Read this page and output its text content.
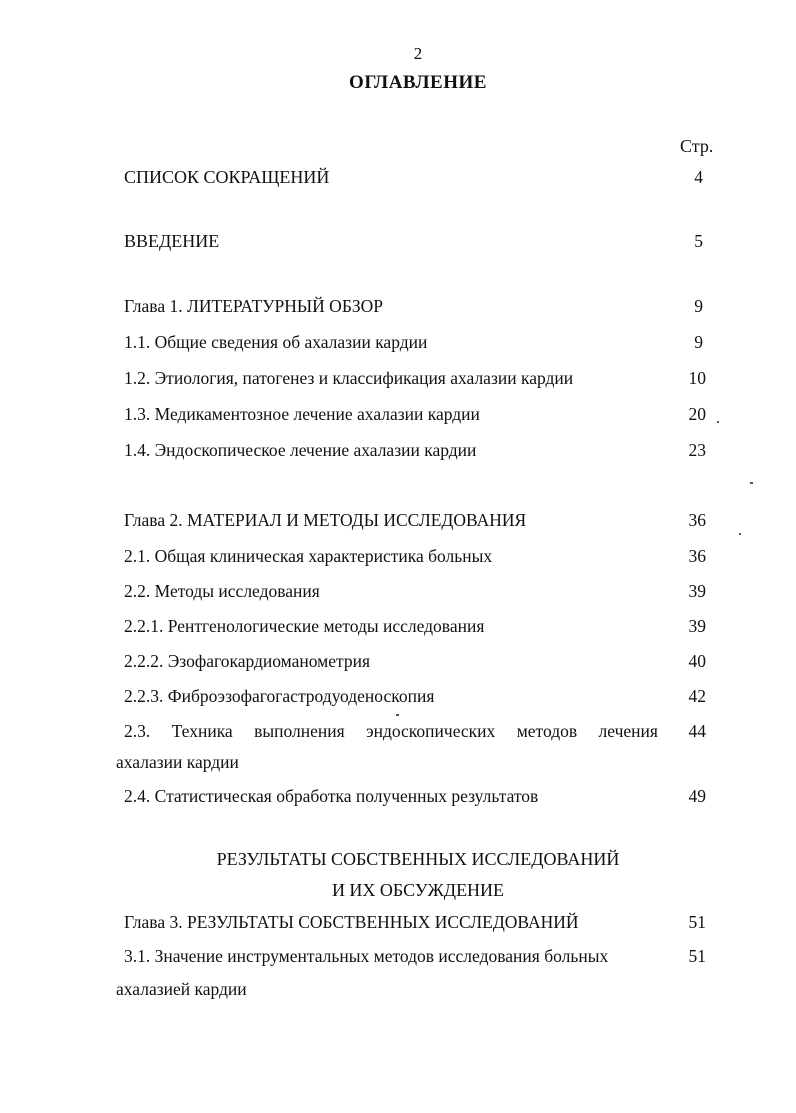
2
ОГЛАВЛЕНИЕ
Стр.
СПИСОК СОКРАЩЕНИЙ	4
ВВЕДЕНИЕ	5
Глава 1. ЛИТЕРАТУРНЫЙ ОБЗОР	9
1.1. Общие сведения об ахалазии кардии	9
1.2. Этиология, патогенез и классификация ахалазии кардии	10
1.3. Медикаментозное лечение ахалазии кардии	20
1.4. Эндоскопическое лечение ахалазии кардии	23
Глава 2. МАТЕРИАЛ И МЕТОДЫ ИССЛЕДОВАНИЯ	36
2.1. Общая клиническая характеристика больных	36
2.2. Методы исследования	39
2.2.1. Рентгенологические методы исследования	39
2.2.2. Эзофагокардиоманометрия	40
2.2.3. Фиброэзофагогастродуоденоскопия	42
2.3. Техника выполнения эндоскопических методов лечения	44
ахалазии кардии
2.4. Статистическая обработка полученных результатов	49
РЕЗУЛЬТАТЫ СОБСТВЕННЫХ ИССЛЕДОВАНИЙ
И ИХ ОБСУЖДЕНИЕ
Глава 3. РЕЗУЛЬТАТЫ СОБСТВЕННЫХ ИССЛЕДОВАНИЙ	51
3.1. Значение инструментальных методов исследования больных	51
ахалазией кардии
